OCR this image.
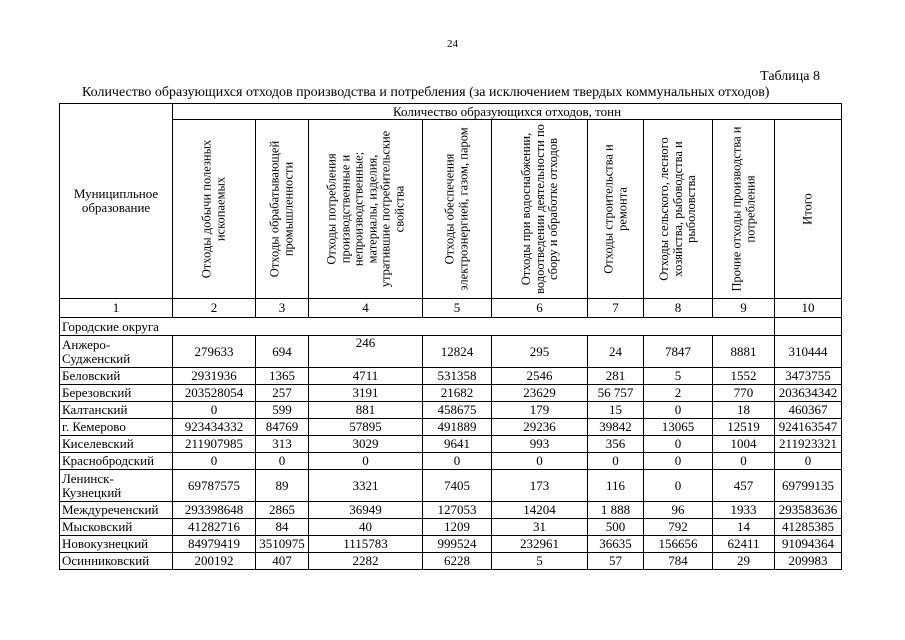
24
Таблица 8
Количество образующихся отходов производства и потребления (за исключением твердых коммунальных отходов)
Муниципльное образование	Количество образующихся отходов, тонн								

	Отходы добычи полезных ископаемых	Отходы обрабатывающей промышленности	Отходы потребления производственные и непроизводственные; материалы, изделия, утратившие потребительские свойства	Отходы обеспечения электроэнергией, газом, паром	Отходы при водоснабжении, водоотведении деятельности по сбору и обработке отходов	Отходы строительства и ремонта	Отходы сельского, лесного хозяйства, рыбоводства и рыболовства	Прочие отходы производства и потребления	Итого

1	2	3	4	5	6	7	8	9	10
Городские округа									
Анжеро-Судженский	279633	694	246	12824	295	24	7847	8881	310444
Беловский	2931936	1365	4711	531358	2546	281	5	1552	3473755
Березовский	203528054	257	3191	21682	23629	56 757	2	770	203634342
Калтанский	0	599	881	458675	179	15	0	18	460367
г. Кемерово	923434332	84769	57895	491889	29236	39842	13065	12519	924163547
Киселевский	211907985	313	3029	9641	993	356	0	1004	211923321
Краснобродский	0	0	0	0	0	0	0	0	0
Ленинск-Кузнецкий	69787575	89	3321	7405	173	116	0	457	69799135
Междуреченский	293398648	2865	36949	127053	14204	1 888	96	1933	293583636
Мысковский	41282716	84	40	1209	31	500	792	14	41285385
Новокузнецкий	84979419	3510975	1115783	999524	232961	36635	156656	62411	91094364
Осинниковский	200192	407	2282	6228	5	57	784	29	209983
